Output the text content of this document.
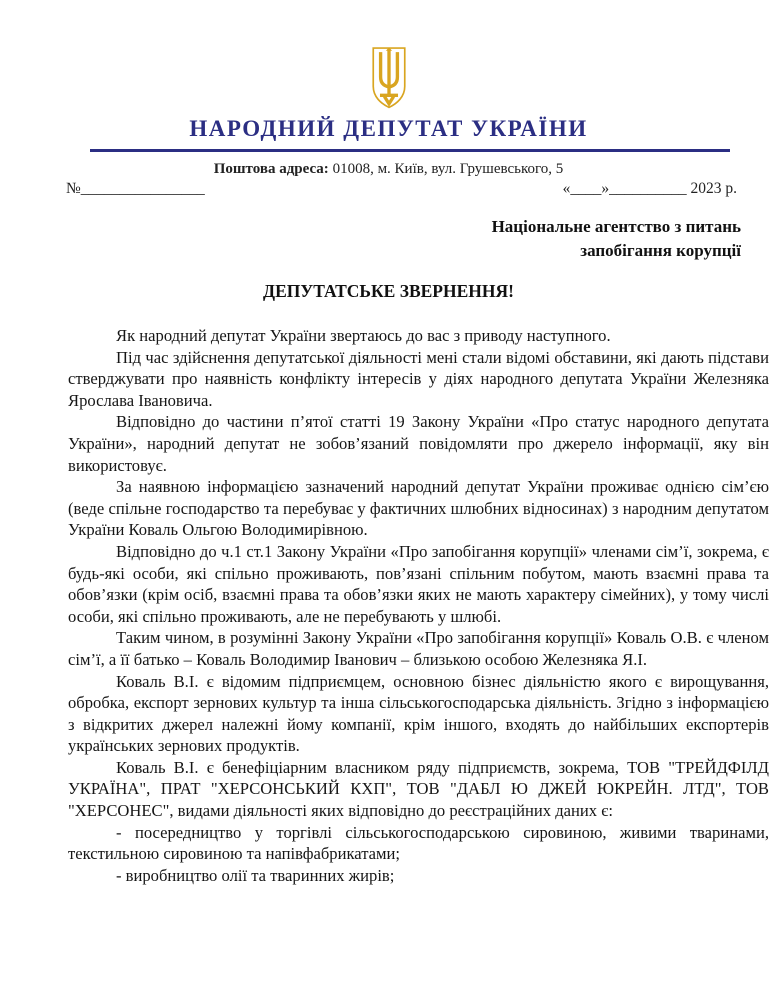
НАРОДНИЙ ДЕПУТАТ УКРАЇНИ
Поштова адреса: 01008, м. Київ, вул. Грушевського, 5
№________________	«____»__________ 2023 р.
Національне агентство з питань
запобігання корупції
ДЕПУТАТСЬКЕ ЗВЕРНЕННЯ!

Як народний депутат України звертаюсь до вас з приводу наступного.

Під час здійснення депутатської діяльності мені стали відомі обставини, які дають підстави стверджувати про наявність конфлікту інтересів у діях народного депутата України Железняка Ярослава Івановича.

Відповідно до частини п’ятої статті 19 Закону України «Про статус народного депутата України», народний депутат не зобов’язаний повідомляти про джерело інформації, яку він використовує.

За наявною інформацією зазначений народний депутат України проживає однією сім’єю (веде спільне господарство та перебуває у фактичних шлюбних відносинах) з народним депутатом України Коваль Ольгою Володимирівною.

Відповідно до ч.1 ст.1 Закону України «Про запобігання корупції» членами сім’ї, зокрема, є будь-які особи, які спільно проживають, пов’язані спільним побутом, мають взаємні права та обов’язки (крім осіб, взаємні права та обов’язки яких не мають характеру сімейних), у тому числі особи, які спільно проживають, але не перебувають у шлюбі.

Таким чином, в розумінні Закону України «Про запобігання корупції» Коваль О.В. є членом сім’ї, а її батько – Коваль Володимир Іванович – близькою особою Железняка Я.І.

Коваль В.І. є відомим підприємцем, основною бізнес діяльністю якого є вирощування, обробка, експорт зернових культур та інша сільськогосподарська діяльність. Згідно з інформацією з відкритих джерел належні йому компанії, крім іншого, входять до найбільших експортерів українських зернових продуктів.

Коваль В.І. є бенефіціарним власником ряду підприємств, зокрема, ТОВ "ТРЕЙДФІЛД УКРАЇНА", ПРАТ "ХЕРСОНСЬКИЙ КХП", ТОВ "ДАБЛ Ю ДЖЕЙ ЮКРЕЙН. ЛТД", ТОВ "ХЕРСОНЕС", видами діяльності яких відповідно до реєстраційних даних є:

- посередництво у торгівлі сільськогосподарською сировиною, живими тваринами, текстильною сировиною та напівфабрикатами;

- виробництво олії та тваринних жирів;
